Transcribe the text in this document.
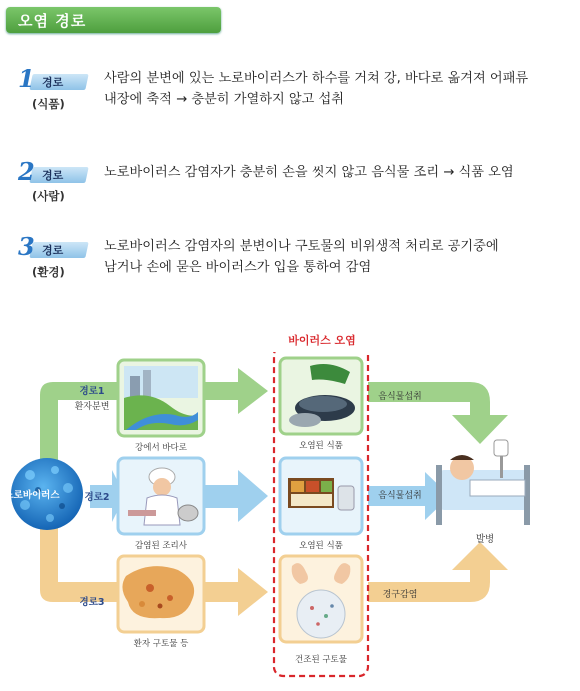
오염 경로
1 경로
(식품)
사람의 분변에 있는 노로바이러스가 하수를 거쳐 강, 바다로 옮겨져 어패류
내장에 축적 → 충분히 가열하지 않고 섭취
2 경로
(사람)
노로바이러스 감염자가 충분히 손을 씻지 않고 음식물 조리 → 식품 오염
3 경로
(환경)
노로바이러스 감염자의 분변이나 구토물의 비위생적 처리로 공기중에
남거나 손에 묻은 바이러스가 입을 통하여 감염
노로바이러스
바이러스 오염
경로1
환자분변
경로2
경로3
강에서 바다로
감염된 조리사
환자 구토물 등
오염된 식품
오염된 식품
건조된 구토물
음식물섭취
음식물섭취
경구감염
발병
